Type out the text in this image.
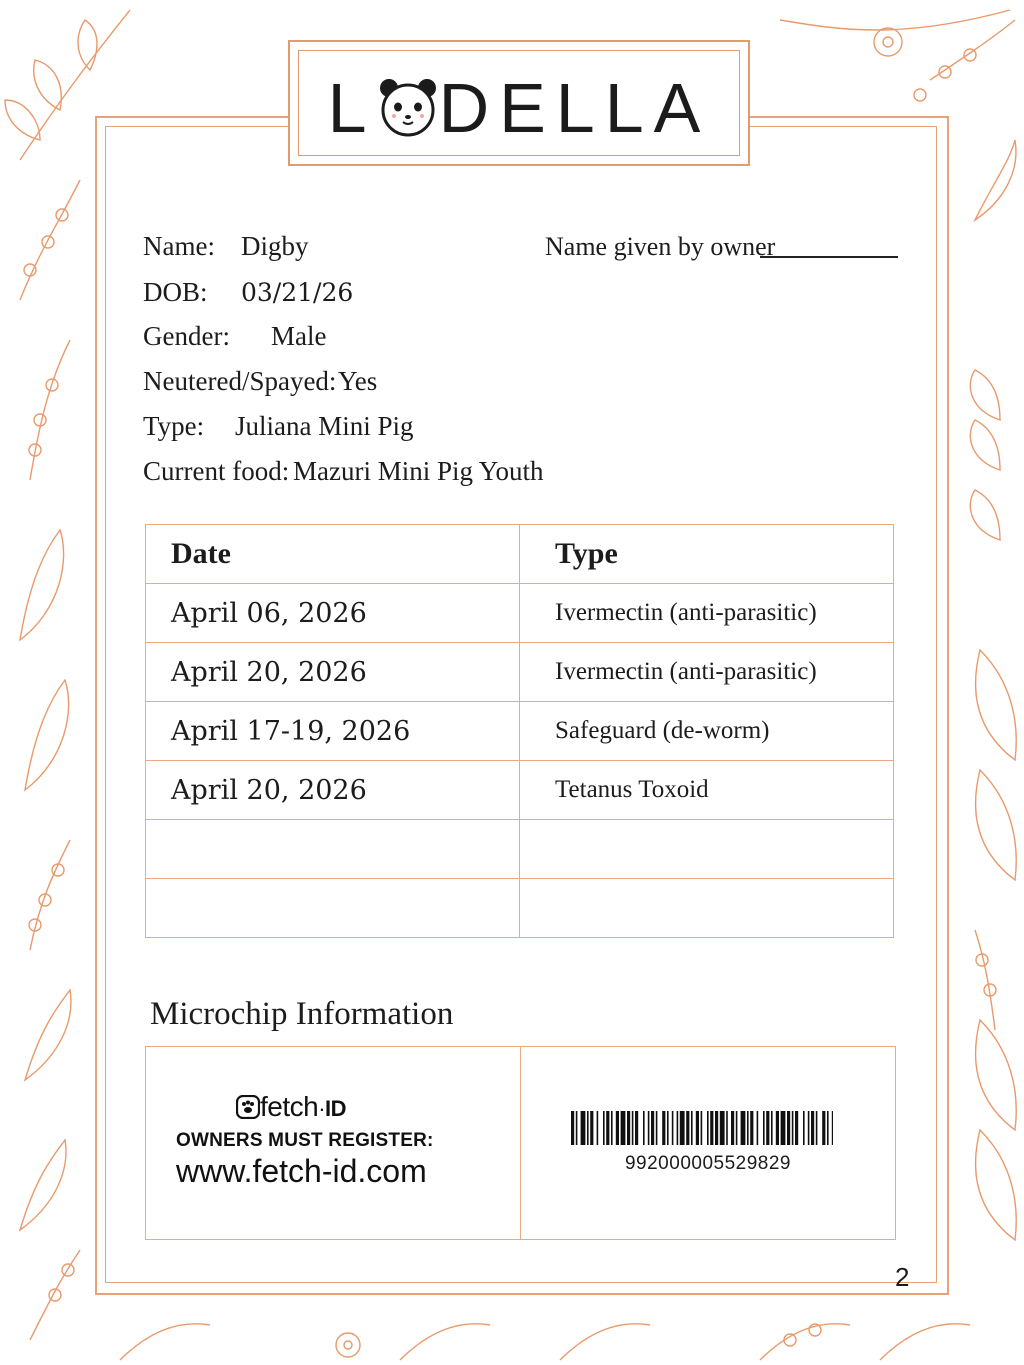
L DELLA
Name: Digby	Name given by owner
DOB: 03/21/26
Gender: Male
Neutered/Spayed:Yes
Type: Juliana Mini Pig
Current food: Mazuri Mini Pig Youth
Date	Type
April 06, 2026	Ivermectin (anti-parasitic)
April 20, 2026	Ivermectin (anti-parasitic)
April 17-19, 2026	Safeguard (de-worm)
April 20, 2026	Tetanus Toxoid

Microchip Information
fetch·ID
OWNERS MUST REGISTER:
www.fetch-id.com	992000005529829
2
